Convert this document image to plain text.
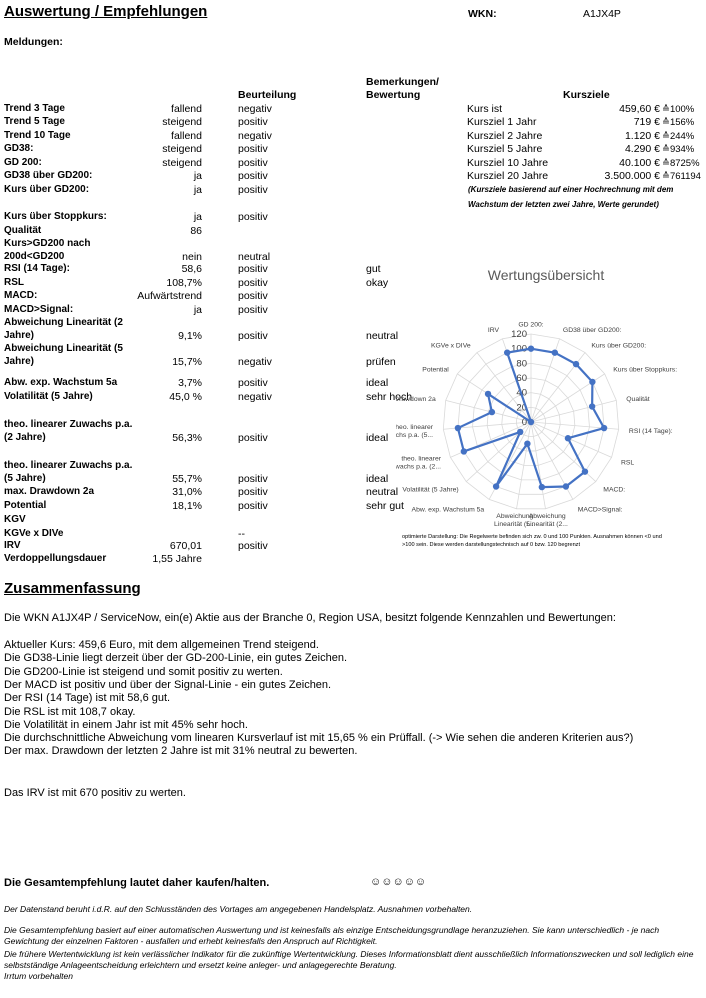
Auswertung / Empfehlungen	WKN:	A1JX4P
Meldungen:
Beurteilung
Bemerkungen/
Bewertung	Kursziele
Trend 3 Tage	fallend	negativ
Trend 5 Tage	steigend	positiv
Trend 10 Tage	fallend	negativ
GD38:	steigend	positiv
GD 200:	steigend	positiv
GD38 über GD200:	ja	positiv
Kurs über GD200:	ja	positiv
Kurs über Stoppkurs:	ja	positiv
Qualität	86
Kurs>GD200 nach
200d<GD200	nein	neutral
RSI (14 Tage):	58,6	positiv	gut
RSL	108,7%	positiv	okay
MACD:	Aufwärtstrend	positiv
MACD>Signal:	ja	positiv
Abweichung Linearität (2
Jahre)	9,1%	positiv	neutral
Abweichung Linearität (5
Jahre)	15,7%	negativ	prüfen
Abw. exp. Wachstum 5a	3,7%	positiv	ideal
Volatilität (5 Jahre)	45,0 %	negativ	sehr hoch
theo. linearer Zuwachs p.a.
(2 Jahre)	56,3%	positiv	ideal
theo. linearer Zuwachs p.a.
(5 Jahre)	55,7%	positiv	ideal
max. Drawdown 2a	31,0%	positiv	neutral
Potential	18,1%	positiv	sehr gut
KGV
KGVe x DIVe	--
IRV	670,01	positiv
Verdoppellungsdauer	1,55 Jahre
Kurs ist	459,60 € ≙100%
Kursziel 1 Jahr	719 € ≙156%
Kursziel 2 Jahre	1.120 € ≙244%
Kursziel 5 Jahre	4.290 € ≙934%
Kursziel 10 Jahre	40.100 € ≙8725%
Kursziel 20 Jahre	3.500.000 € ≙761194
(Kursziele basierend auf einer Hochrechnung mit dem
Wachstum der letzten zwei Jahre, Werte gerundet)
Wertungsübersicht
0
20
40
60
80
100
120
GD 200:
GD38 über GD200:
Kurs über GD200:
Kurs über Stoppkurs:
Qualität
RSI (14 Tage):
RSL
MACD:
MACD>Signal:
Abweichung Linearität (2...
Abweichung Linearität (5...
Abw. exp. Wachstum 5a
Volatilität (5 Jahre)
theo. linearer wachs p.a. (2...
theo. linearer chs p.a. (5...
Drawdown 2a
Potential
KGVe x DIVe
IRV
optimierte Darstellung: Die Regelwerte befinden sich zw. 0 und 100 Punkten. Ausnahmen können <0 und >100 sein. Diese werden darstellungstechnisch auf 0 bzw. 120 begrenzt
Zusammenfassung
Die WKN A1JX4P / ServiceNow, ein(e) Aktie aus der Branche 0, Region USA, besitzt folgende Kennzahlen und Bewertungen:
Aktueller Kurs: 459,6 Euro, mit dem allgemeinen Trend steigend.
Die GD38-Linie liegt derzeit über der GD-200-Linie, ein gutes Zeichen.
Die GD200-Linie ist steigend und somit positiv zu werten.
Der MACD ist positiv und über der Signal-Linie - ein gutes Zeichen.
Der RSI (14 Tage) ist mit 58,6 gut.
Die RSL ist mit 108,7 okay.
Die Volatilität in einem Jahr ist mit 45% sehr hoch.
Die durchschnittliche Abweichung vom linearen Kursverlauf ist mit 15,65 % ein Prüffall. (-> Wie sehen die anderen Kriterien aus?)
Der max. Drawdown der letzten 2 Jahre ist mit 31% neutral zu bewerten.
Das IRV ist mit 670 positiv zu werten.
Die Gesamtempfehlung lautet daher kaufen/halten.	☺☺☺☺☺
Der Datenstand beruht i.d.R. auf den Schlusständen des Vortages am angegebenen Handelsplatz. Ausnahmen vorbehalten.
Die Gesamtempfehlung basiert auf einer automatischen Auswertung und ist keinesfalls als einzige Entscheidungsgrundlage heranzuziehen. Sie kann unterschiedlich - je nach Gewichtung der einzelnen Faktoren - ausfallen und erhebt keinesfalls den Anspruch auf Richtigkeit.
Die frühere Wertentwicklung ist kein verlässlicher Indikator für die zukünftige Wertentwicklung. Dieses Informationsblatt dient ausschließlich Informationszwecken und soll lediglich eine selbstständige Anlageentscheidung erleichtern und ersetzt keine anleger- und anlagegerechte Beratung.
Irrtum vorbehalten
